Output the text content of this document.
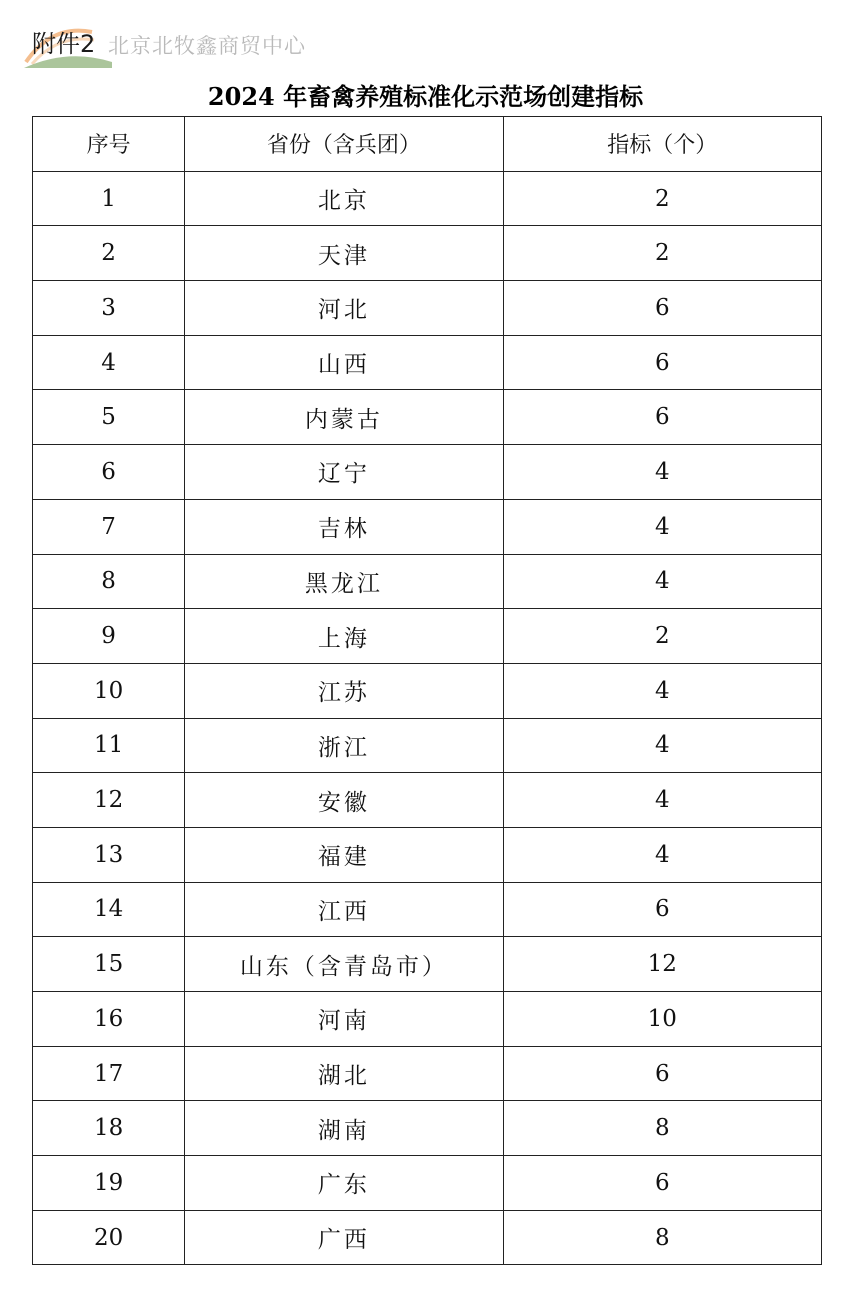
附件2 北京北牧鑫商贸中心
2024 年畜禽养殖标准化示范场创建指标
序号	省份（含兵团）	指标（个）
1	北京	2
2	天津	2
3	河北	6
4	山西	6
5	内蒙古	6
6	辽宁	4
7	吉林	4
8	黑龙江	4
9	上海	2
10	江苏	4
11	浙江	4
12	安徽	4
13	福建	4
14	江西	6
15	山东（含青岛市）	12
16	河南	10
17	湖北	6
18	湖南	8
19	广东	6
20	广西	8
